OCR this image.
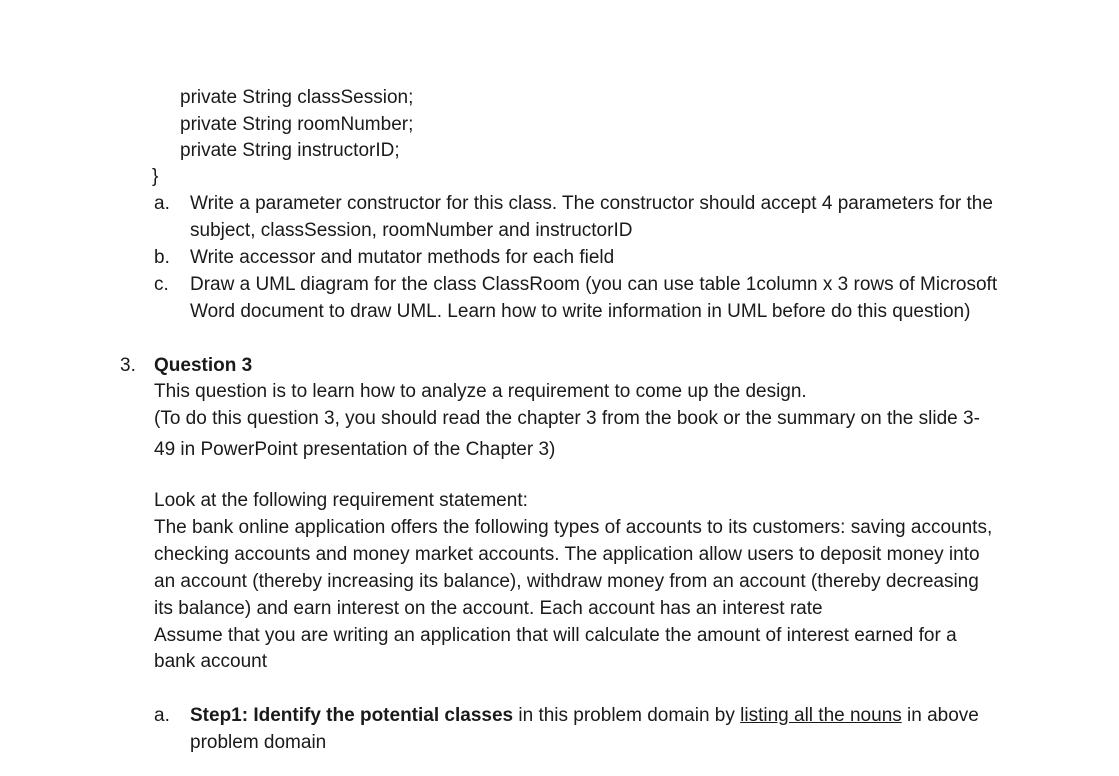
private String classSession;
private String roomNumber;
private String instructorID;
}
a. Write a parameter constructor for this class. The constructor should accept 4 parameters for the
subject, classSession, roomNumber and instructorID
b. Write accessor and mutator methods for each field
c. Draw a UML diagram for the class ClassRoom (you can use table 1column x 3 rows of Microsoft
Word document to draw UML. Learn how to write information in UML before do this question)
3. Question 3
This question is to learn how to analyze a requirement to come up the design.
(To do this question 3, you should read the chapter 3 from the book or the summary on the slide 3-
49 in PowerPoint presentation of the Chapter 3)
Look at the following requirement statement:
The bank online application offers the following types of accounts to its customers: saving accounts,
checking accounts and money market accounts. The application allow users to deposit money into
an account (thereby increasing its balance), withdraw money from an account (thereby decreasing
its balance) and earn interest on the account. Each account has an interest rate
Assume that you are writing an application that will calculate the amount of interest earned for a
bank account
a. Step1: Identify the potential classes in this problem domain by listing all the nouns in above
problem domain
